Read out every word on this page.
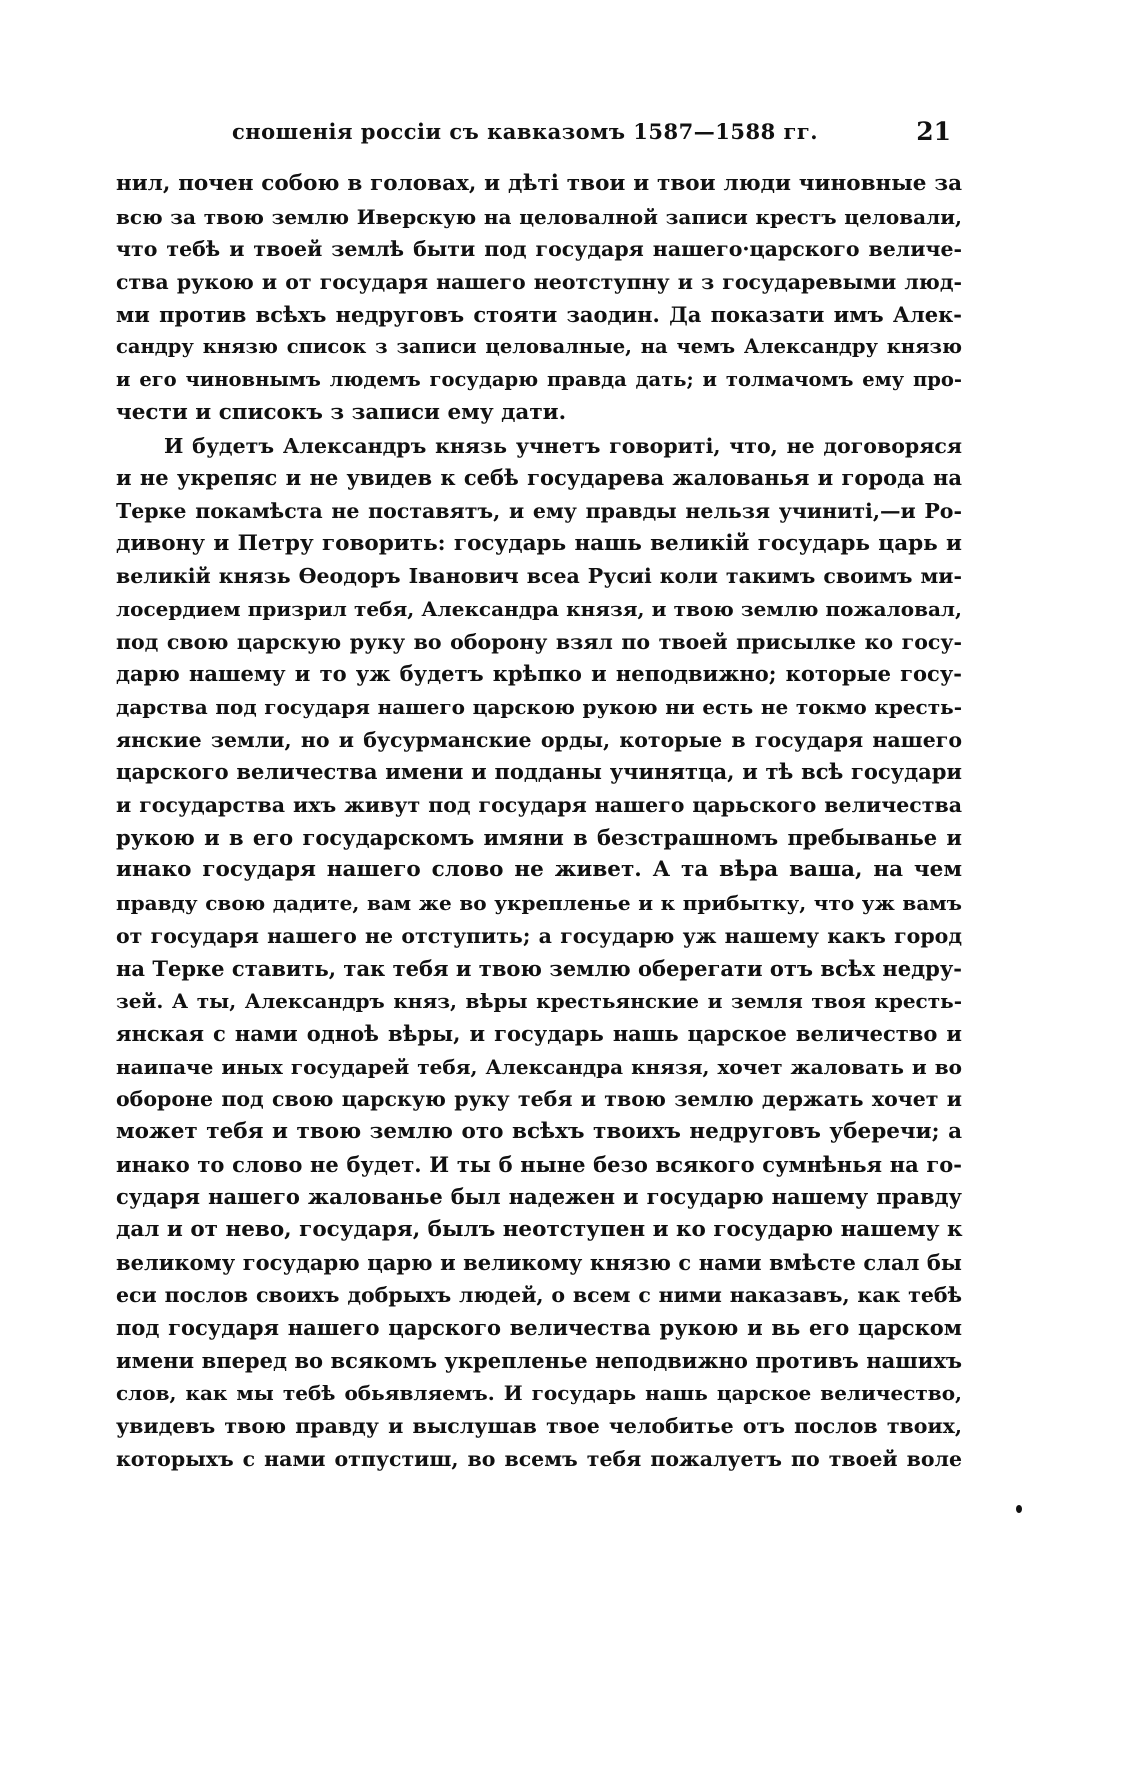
сношенія россіи съ кавказомъ 1587—1588 гг.	21
нил, почен собою в головах, и дѣті твои и твои люди чиновные за
всю за твою землю Иверскую на целовалной записи крестъ целовали,
что тебѣ и твоей землѣ быти под государя нашего·царского величе-
ства рукою и от государя нашего неотступну и з государевыми люд-
ми против всѣхъ недруговъ стояти заодин. Да показати имъ Алек-
сандру князю список з записи целовалные, на чемъ Александру князю
и его чиновнымъ людемъ государю правда дать; и толмачомъ ему про-
чести и списокъ з записи ему дати.
И будетъ Александръ князь учнетъ говориті, что, не договоряся
и не укрепяс и не увидев к себѣ государева жалованья и города на
Терке покамѣста не поставятъ, и ему правды нельзя учинитi,—и Ро-
дивону и Петру говорить: государь нашь великій государь царь и
великій князь Ѳеодоръ Іванович всеа Русиі коли такимъ своимъ ми-
лосердием призрил тебя, Александра князя, и твою землю пожаловал,
под свою царскую руку во оборону взял по твоей присылке ко госу-
дарю нашему и то уж будетъ крѣпко и неподвижно; которые госу-
дарства под государя нашего царскою рукою ни есть не токмо кресть-
янские земли, но и бусурманские орды, которые в государя нашего
царского величества имени и подданы учинятца, и тѣ всѣ государи
и государства ихъ живут под государя нашего царьского величества
рукою и в его государскомъ имяни в безстрашномъ пребыванье и
инако государя нашего слово не живет. А та вѣра ваша, на чем
правду свою дадите, вам же во укрепленье и к прибытку, что уж вамъ
от государя нашего не отступить; а государю уж нашему какъ город
на Терке ставить, так тебя и твою землю оберегати отъ всѣх недру-
зей. А ты, Александръ княз, вѣры крестьянские и земля твоя кресть-
янская с нами однoѣ вѣры, и государь нашь царское величество и
наипаче иных государей тебя, Александра князя, хочет жаловать и во
обороне под свою царскую руку тебя и твою землю держать хочет и
может тебя и твою землю ото всѣхъ твоихъ недруговъ уберечи; а
инако то слово не будет. И ты б ныне безо всякого сумнѣнья на го-
сударя нашего жалованье был надежен и государю нашему правду
дал и от нево, государя, былъ неотступен и ко государю нашему к
великому государю царю и великому князю с нами вмѣсте слал бы
еси послов своихъ добрыхъ людей, о всем с ними наказавъ, как тебѣ
под государя нашего царского величества рукою и вь его царском
имени вперед во всякомъ укрепленье неподвижно противъ нашихъ
слов, как мы тебѣ обьявляемъ. И государь нашь царское величество,
увидевъ твою правду и выслушав твое челобитье отъ послов твоих,
которыхъ с нами отпустиш, во всемъ тебя пожалуетъ по твоей воле
